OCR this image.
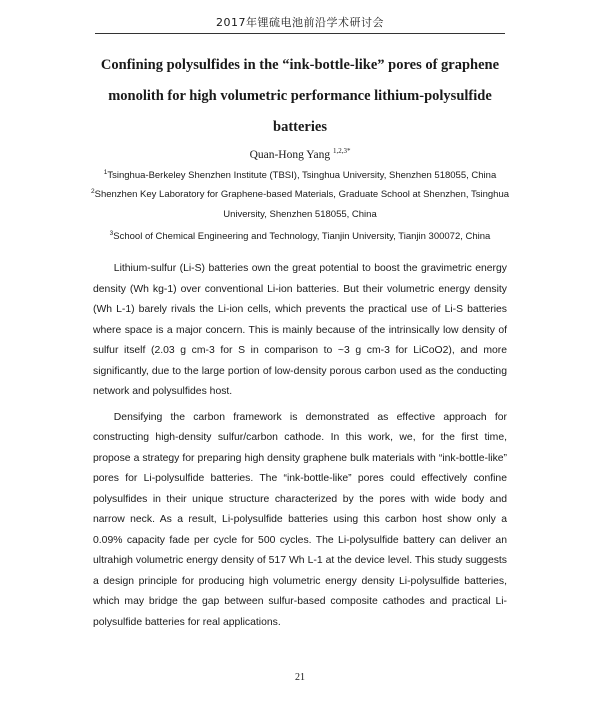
2017年锂硫电池前沿学术研讨会
Confining polysulfides in the “ink-bottle-like” pores of graphene monolith for high volumetric performance lithium-polysulfide batteries
Quan-Hong Yang $^{1,2,3*}$
$^1$Tsinghua-Berkeley Shenzhen Institute (TBSI), Tsinghua University, Shenzhen 518055, China
$^2$Shenzhen Key Laboratory for Graphene-based Materials, Graduate School at Shenzhen, Tsinghua University, Shenzhen 518055, China
$^3$School of Chemical Engineering and Technology, Tianjin University, Tianjin 300072, China

Lithium-sulfur (Li-S) batteries own the great potential to boost the gravimetric energy density (Wh kg-1) over conventional Li-ion batteries. But their volumetric energy density (Wh L-1) barely rivals the Li-ion cells, which prevents the practical use of Li-S batteries where space is a major concern. This is mainly because of the intrinsically low density of sulfur itself (2.03 g cm-3 for S in comparison to ~3 g cm-3 for LiCoO2), and more significantly, due to the large portion of low-density porous carbon used as the conducting network and polysulfides host.

Densifying the carbon framework is demonstrated as effective approach for constructing high-density sulfur/carbon cathode. In this work, we, for the first time, propose a strategy for preparing high density graphene bulk materials with “ink-bottle-like” pores for Li-polysulfide batteries. The “ink-bottle-like” pores could effectively confine polysulfides in their unique structure characterized by the pores with wide body and narrow neck. As a result, Li-polysulfide batteries using this carbon host show only a 0.09% capacity fade per cycle for 500 cycles. The Li-polysulfide battery can deliver an ultrahigh volumetric energy density of 517 Wh L-1 at the device level. This study suggests a design principle for producing high volumetric energy density Li-polysulfide batteries, which may bridge the gap between sulfur-based composite cathodes and practical Li-polysulfide batteries for real applications.

21
